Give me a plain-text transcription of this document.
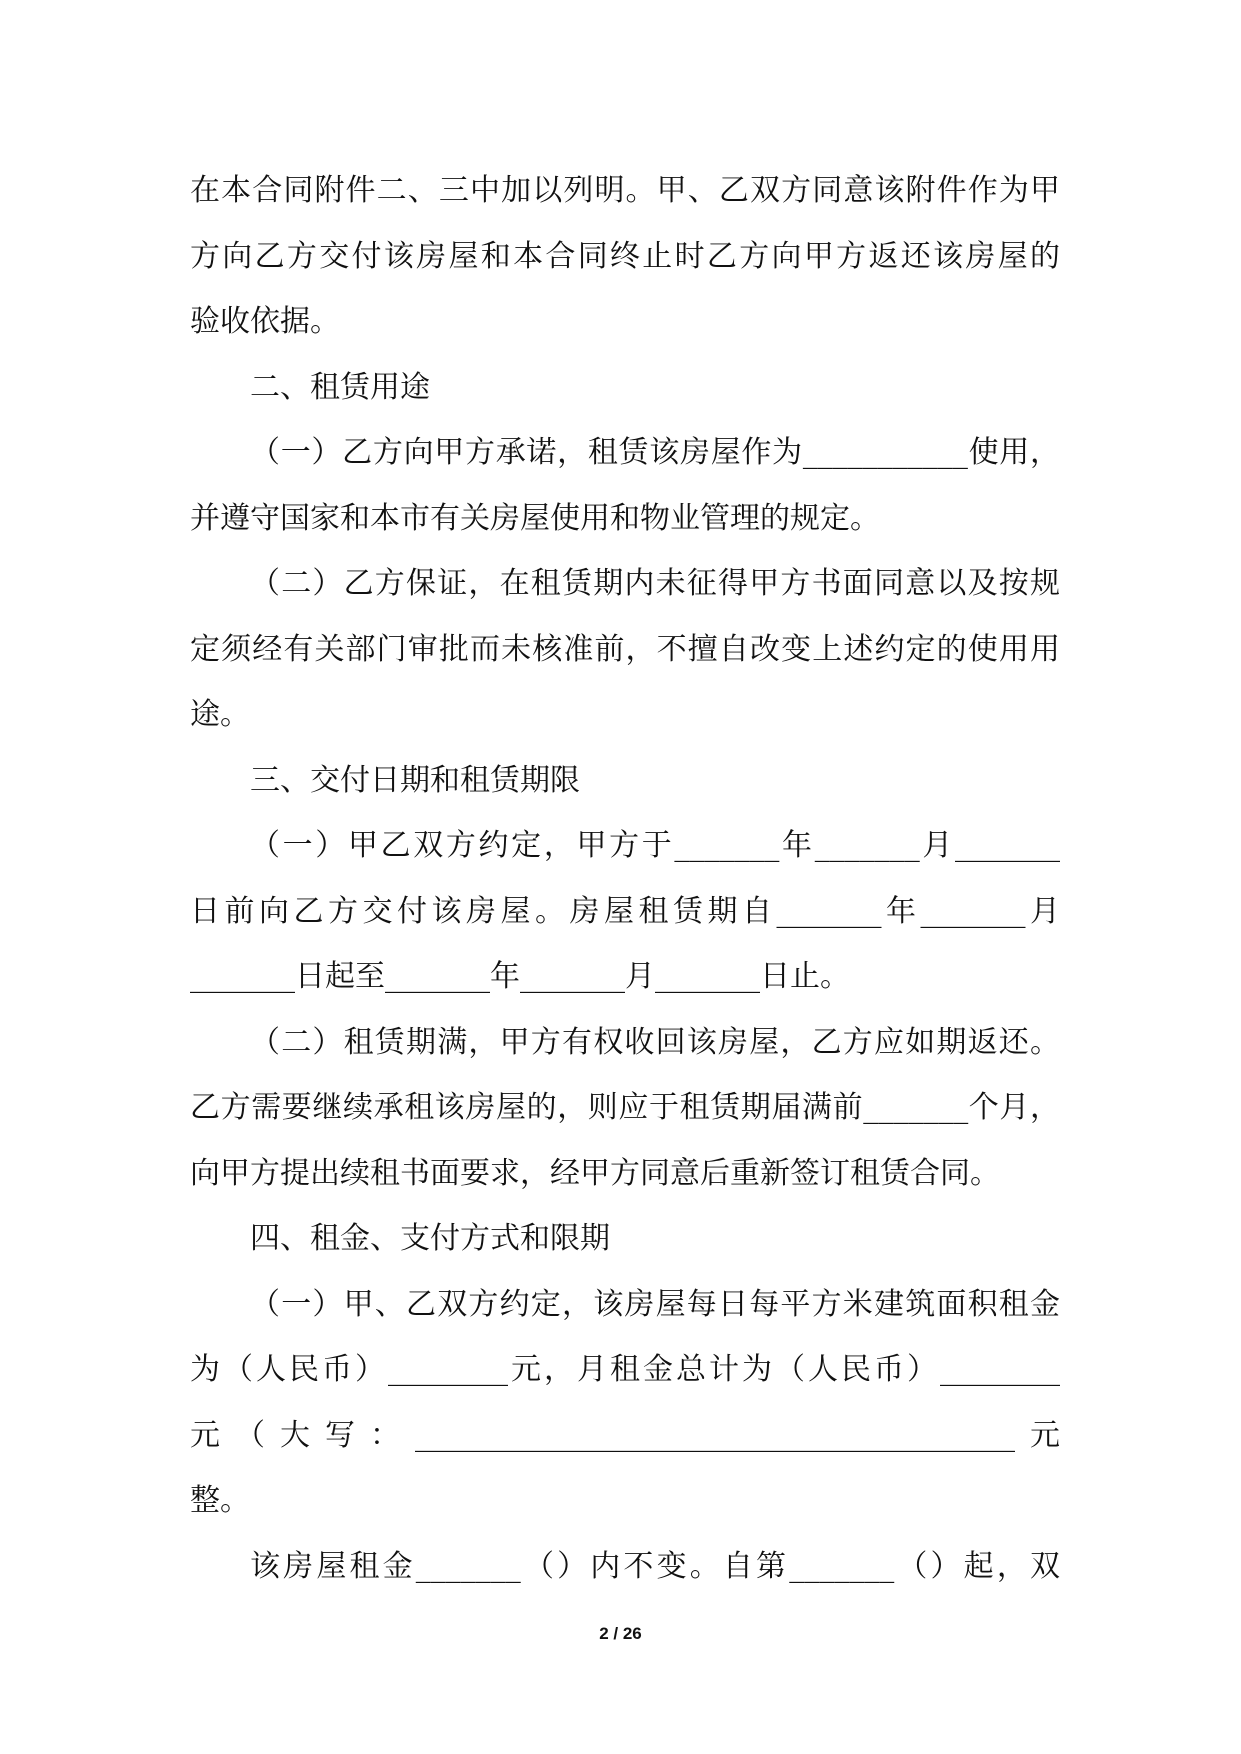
在本合同附件二、三中加以列明。甲、乙双方同意该附件作为甲
方向乙方交付该房屋和本合同终止时乙方向甲方返还该房屋的
验收依据。
二、租赁用途
（一）乙方向甲方承诺，租赁该房屋作为___________使用，
并遵守国家和本市有关房屋使用和物业管理的规定。
（二）乙方保证，在租赁期内未征得甲方书面同意以及按规
定须经有关部门审批而未核准前，不擅自改变上述约定的使用用
途。
三、交付日期和租赁期限
（一）甲乙双方约定，甲方于_______年_______月_______
日前向乙方交付该房屋。房屋租赁期自_______年_______月
_______日起至_______年_______月_______日止。
（二）租赁期满，甲方有权收回该房屋，乙方应如期返还。
乙方需要继续承租该房屋的，则应于租赁期届满前_______个月，
向甲方提出续租书面要求，经甲方同意后重新签订租赁合同。
四、租金、支付方式和限期
（一）甲、乙双方约定，该房屋每日每平方米建筑面积租金
为（人民币）________元，月租金总计为（人民币）________
元（大写：________________________________________元
整。
该房屋租金_______（）内不变。自第_______（）起，双
2 / 26
